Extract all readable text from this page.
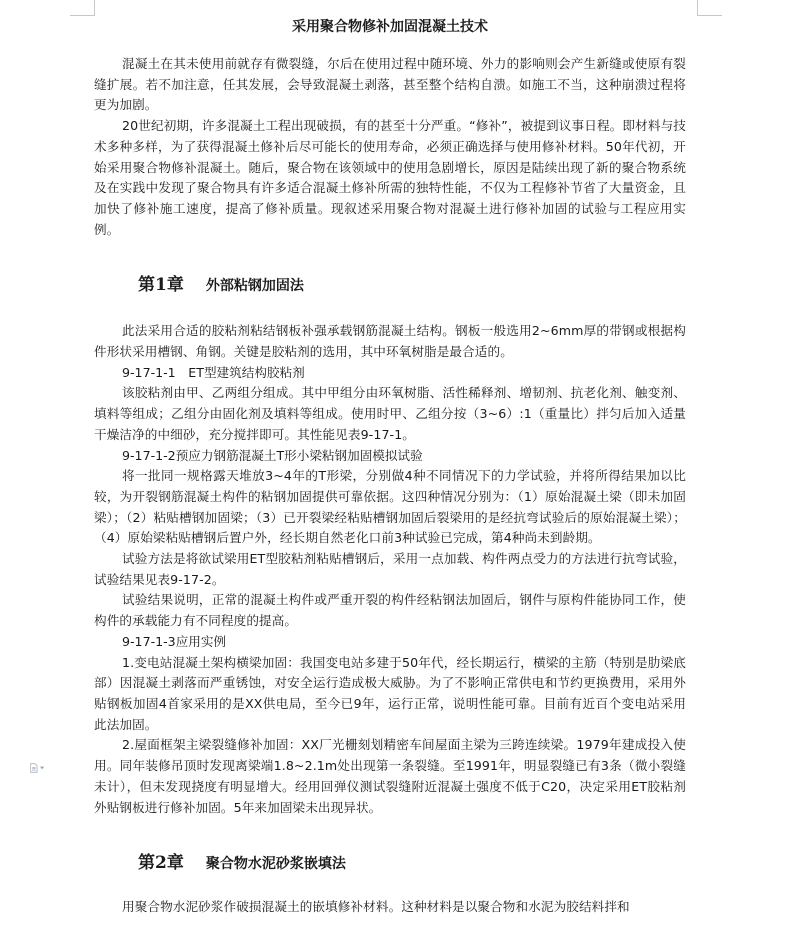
采用聚合物修补加固混凝土技术

混凝土在其未使用前就存有微裂缝，尔后在使用过程中随环境、外力的影响则会产生新缝或使原有裂缝扩展。若不加注意，任其发展，会导致混凝土剥落，甚至整个结构自溃。如施工不当，这种崩溃过程将更为加剧。

20世纪初期，许多混凝土工程出现破损，有的甚至十分严重。“修补”，被提到议事日程。即材料与技术多种多样，为了获得混凝土修补后尽可能长的使用寿命，必须正确选择与使用修补材料。50年代初，开始采用聚合物修补混凝土。随后，聚合物在该领域中的使用急剧增长，原因是陆续出现了新的聚合物系统及在实践中发现了聚合物具有许多适合混凝土修补所需的独特性能，不仅为工程修补节省了大量资金，且加快了修补施工速度，提高了修补质量。现叙述采用聚合物对混凝土进行修补加固的试验与工程应用实例。

第1章 外部粘钢加固法

此法采用合适的胶粘剂粘结钢板补强承载钢筋混凝土结构。钢板一般选用2~6mm厚的带钢或根据构件形状采用槽钢、角钢。关键是胶粘剂的选用，其中环氧树脂是最合适的。

9-17-1-1　ET型建筑结构胶粘剂

该胶粘剂由甲、乙两组分组成。其中甲组分由环氧树脂、活性稀释剂、增韧剂、抗老化剂、触变剂、填料等组成；乙组分由固化剂及填料等组成。使用时甲、乙组分按（3~6）:1（重量比）拌匀后加入适量干燥洁净的中细砂，充分搅拌即可。其性能见表9-17-1。

9-17-1-2预应力钢筋混凝土T形小梁粘钢加固模拟试验

将一批同一规格露天堆放3~4年的T形梁，分别做4种不同情况下的力学试验，并将所得结果加以比较，为开裂钢筋混凝土构件的粘钢加固提供可靠依据。这四种情况分别为：（1）原始混凝土梁（即未加固梁）；（2）粘贴槽钢加固梁；（3）已开裂梁经粘贴槽钢加固后裂梁用的是经抗弯试验后的原始混凝土梁）；（4）原始梁粘贴槽钢后置户外，经长期自然老化口前3种试验已完成，第4种尚未到龄期。

试验方法是将欲试梁用ET型胶粘剂粘贴槽钢后，采用一点加载、构件两点受力的方法进行抗弯试验，试验结果见表9-17-2。

试验结果说明，正常的混凝土构件或严重开裂的构件经粘钢法加固后，钢件与原构件能协同工作，使构件的承载能力有不同程度的提高。

9-17-1-3应用实例

1.变电站混凝土架构横梁加固：我国变电站多建于50年代，经长期运行，横梁的主筋（特别是肋梁底部）因混凝土剥落而严重锈蚀，对安全运行造成极大威胁。为了不影响正常供电和节约更换费用，采用外贴钢板加固4首家采用的是XX供电局，至今已9年，运行正常，说明性能可靠。目前有近百个变电站采用此法加固。

2.屋面框架主梁裂缝修补加固：XX厂光栅刻划精密车间屋面主梁为三跨连续梁。1979年建成投入使用。同年装修吊顶时发现离梁端1.8~2.1m处出现第一条裂缝。至1991年，明显裂缝已有3条（微小裂缝未计），但未发现挠度有明显增大。经用回弹仪测试裂缝附近混凝土强度不低于C20，决定采用ET胶粘剂外贴钢板进行修补加固。5年来加固梁未出现异状。

第2章 聚合物水泥砂浆嵌填法

用聚合物水泥砂浆作破损混凝土的嵌填修补材料。这种材料是以聚合物和水泥为胶结料拌和
